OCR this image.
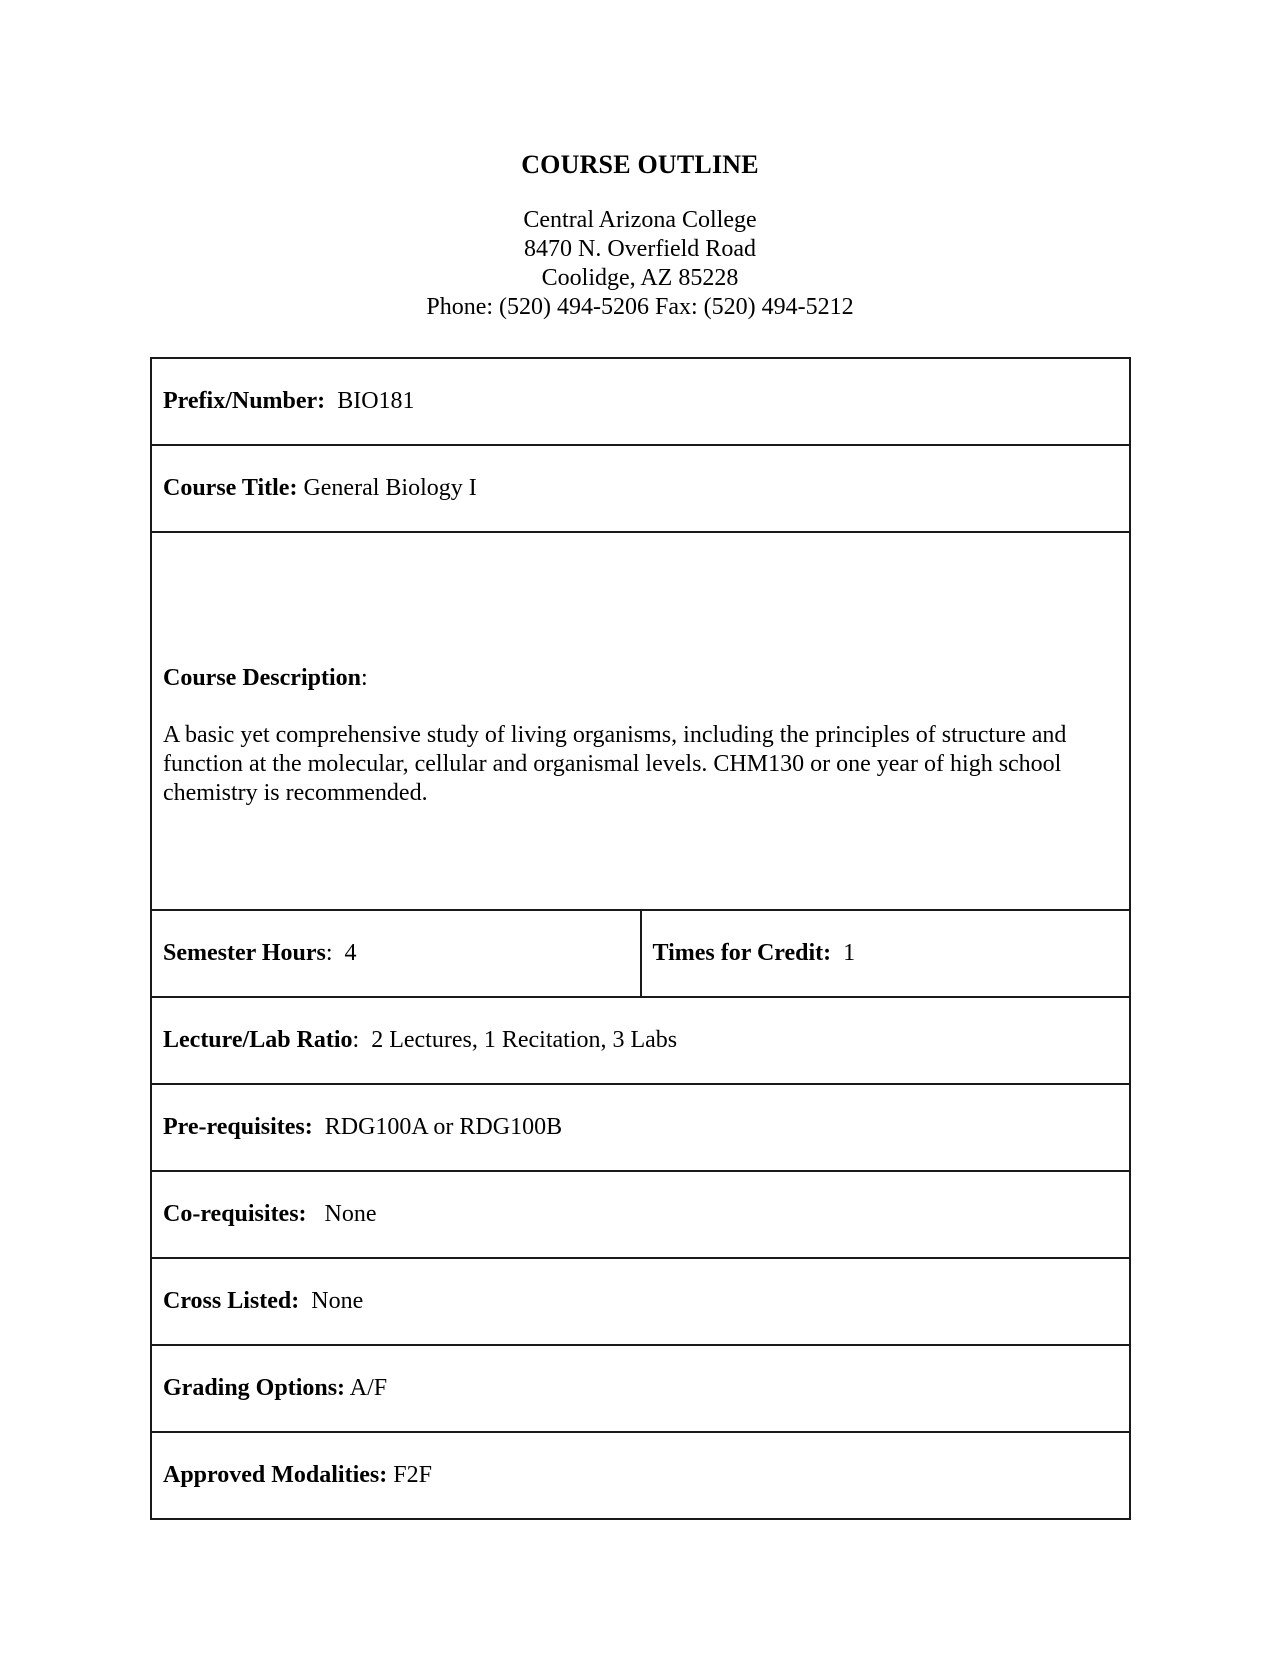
COURSE OUTLINE
Central Arizona College
8470 N. Overfield Road
Coolidge, AZ 85228
Phone: (520) 494-5206 Fax: (520) 494-5212
Prefix/Number: BIO181
Course Title: General Biology I

Course Description:

A basic yet comprehensive study of living organisms, including the principles of structure and function at the molecular, cellular and organismal levels. CHM130 or one year of high school chemistry is recommended.

Semester Hours: 4	Times for Credit: 1
Lecture/Lab Ratio: 2 Lectures, 1 Recitation, 3 Labs
Pre-requisites: RDG100A or RDG100B
Co-requisites: None
Cross Listed: None
Grading Options: A/F
Approved Modalities: F2F
